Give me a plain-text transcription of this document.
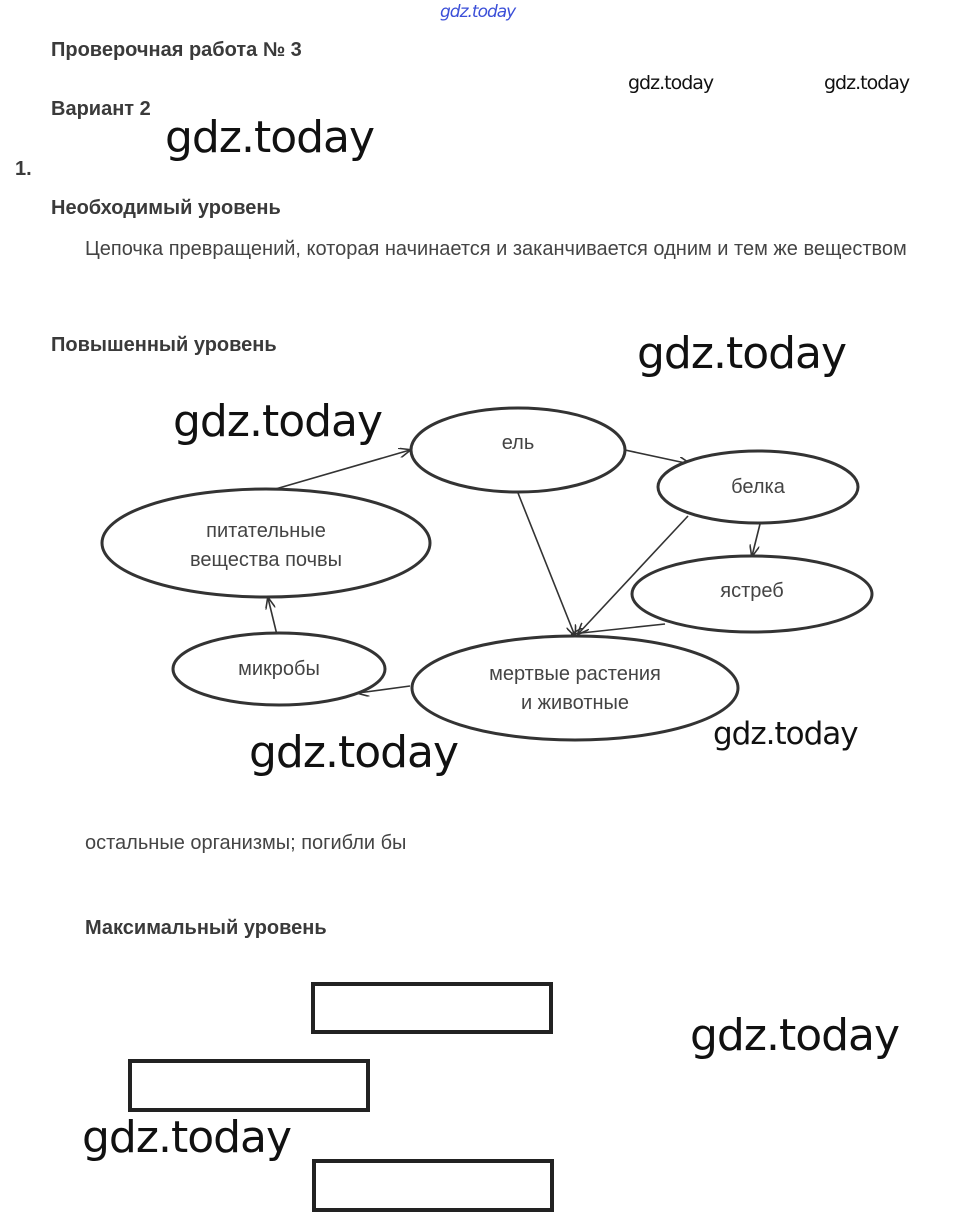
gdz.today
gdz.today	gdz.today
gdz.today
gdz.today
gdz.today
gdz.today	gdz.today
gdz.today
gdz.today
Проверочная работа № 3
Вариант 2
1.
Необходимый уровень
Цепочка превращений, которая начинается и заканчивается одним и тем же веществом
Повышенный уровень
ель
белка
ястреб
питательные
вещества почвы
микробы	мертвые растения
и животные
остальные организмы; погибли бы
Максимальный уровень
